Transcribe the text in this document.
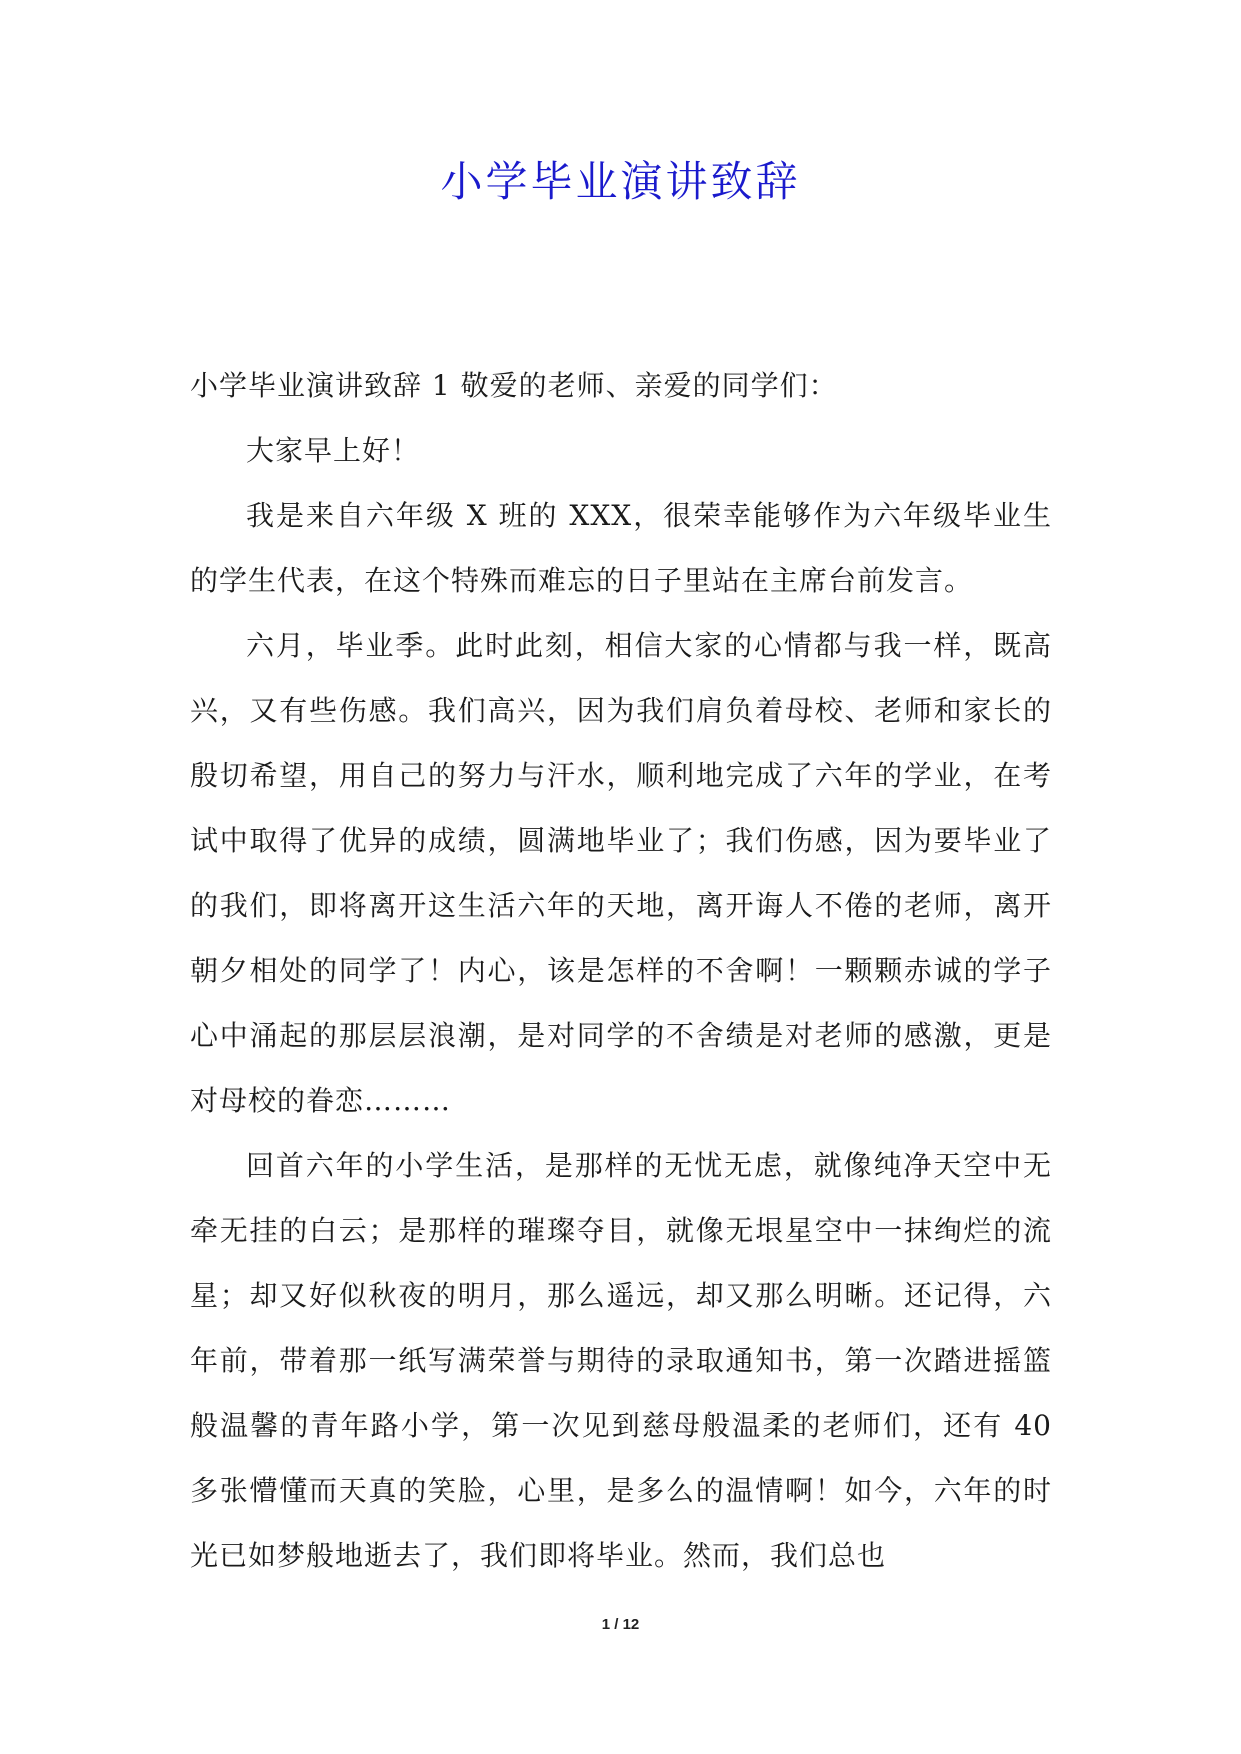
小学毕业演讲致辞

小学毕业演讲致辞 1 敬爱的老师、亲爱的同学们：

大家早上好！

我是来自六年级 X 班的 XXX，很荣幸能够作为六年级毕业生的学生代表，在这个特殊而难忘的日子里站在主席台前发言。

六月，毕业季。此时此刻，相信大家的心情都与我一样，既高兴，又有些伤感。我们高兴，因为我们肩负着母校、老师和家长的殷切希望，用自己的努力与汗水，顺利地完成了六年的学业，在考试中取得了优异的成绩，圆满地毕业了；我们伤感，因为要毕业了的我们，即将离开这生活六年的天地，离开诲人不倦的老师，离开朝夕相处的同学了！内心，该是怎样的不舍啊！一颗颗赤诚的学子心中涌起的那层层浪潮，是对同学的不舍绩是对老师的感激，更是对母校的眷恋………

回首六年的小学生活，是那样的无忧无虑，就像纯净天空中无牵无挂的白云；是那样的璀璨夺目，就像无垠星空中一抹绚烂的流星；却又好似秋夜的明月，那么遥远，却又那么明晰。还记得，六年前，带着那一纸写满荣誉与期待的录取通知书，第一次踏进摇篮般温馨的青年路小学，第一次见到慈母般温柔的老师们，还有 40 多张懵懂而天真的笑脸，心里，是多么的温情啊！如今，六年的时光已如梦般地逝去了，我们即将毕业。然而，我们总也

1 / 12
